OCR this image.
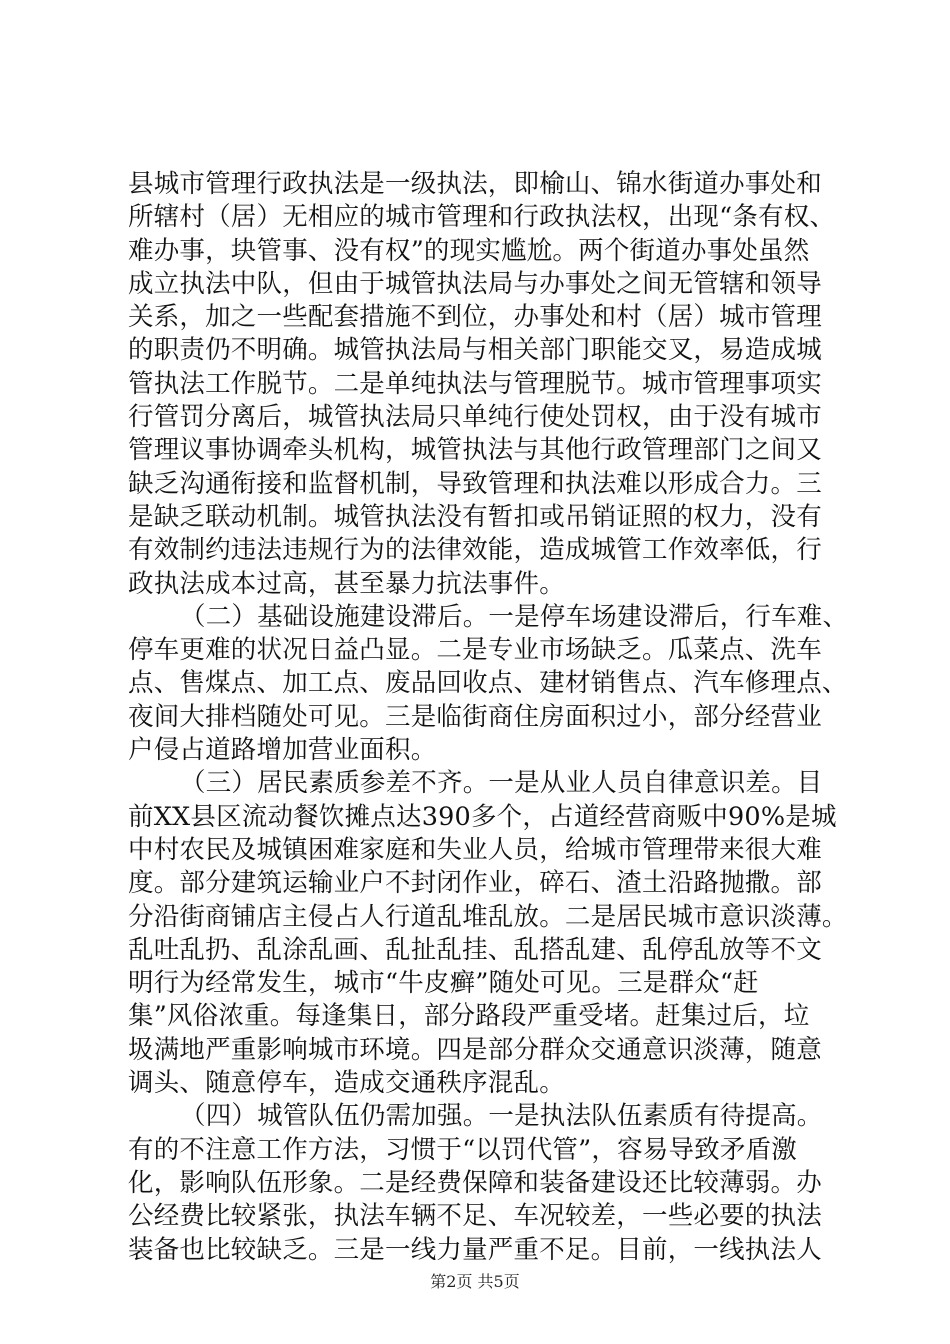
县城市管理行政执法是一级执法，即榆山、锦水街道办事处和
所辖村（居）无相应的城市管理和行政执法权，出现“条有权、
难办事，块管事、没有权”的现实尴尬。两个街道办事处虽然
成立执法中队，但由于城管执法局与办事处之间无管辖和领导
关系，加之一些配套措施不到位，办事处和村（居）城市管理
的职责仍不明确。城管执法局与相关部门职能交叉，易造成城
管执法工作脱节。二是单纯执法与管理脱节。城市管理事项实
行管罚分离后，城管执法局只单纯行使处罚权，由于没有城市
管理议事协调牵头机构，城管执法与其他行政管理部门之间又
缺乏沟通衔接和监督机制，导致管理和执法难以形成合力。三
是缺乏联动机制。城管执法没有暂扣或吊销证照的权力，没有
有效制约违法违规行为的法律效能，造成城管工作效率低，行
政执法成本过高，甚至暴力抗法事件。
（二）基础设施建设滞后。一是停车场建设滞后，行车难、
停车更难的状况日益凸显。二是专业市场缺乏。瓜菜点、洗车
点、售煤点、加工点、废品回收点、建材销售点、汽车修理点、
夜间大排档随处可见。三是临街商住房面积过小，部分经营业
户侵占道路增加营业面积。
（三）居民素质参差不齐。一是从业人员自律意识差。目
前XX县区流动餐饮摊点达390多个，占道经营商贩中90%是城
中村农民及城镇困难家庭和失业人员，给城市管理带来很大难
度。部分建筑运输业户不封闭作业，碎石、渣土沿路抛撒。部
分沿街商铺店主侵占人行道乱堆乱放。二是居民城市意识淡薄。
乱吐乱扔、乱涂乱画、乱扯乱挂、乱搭乱建、乱停乱放等不文
明行为经常发生，城市“牛皮癣”随处可见。三是群众“赶
集”风俗浓重。每逢集日，部分路段严重受堵。赶集过后，垃
圾满地严重影响城市环境。四是部分群众交通意识淡薄，随意
调头、随意停车，造成交通秩序混乱。
（四）城管队伍仍需加强。一是执法队伍素质有待提高。
有的不注意工作方法，习惯于“以罚代管”，容易导致矛盾激
化，影响队伍形象。二是经费保障和装备建设还比较薄弱。办
公经费比较紧张，执法车辆不足、车况较差，一些必要的执法
装备也比较缺乏。三是一线力量严重不足。目前，一线执法人
第2页 共5页
